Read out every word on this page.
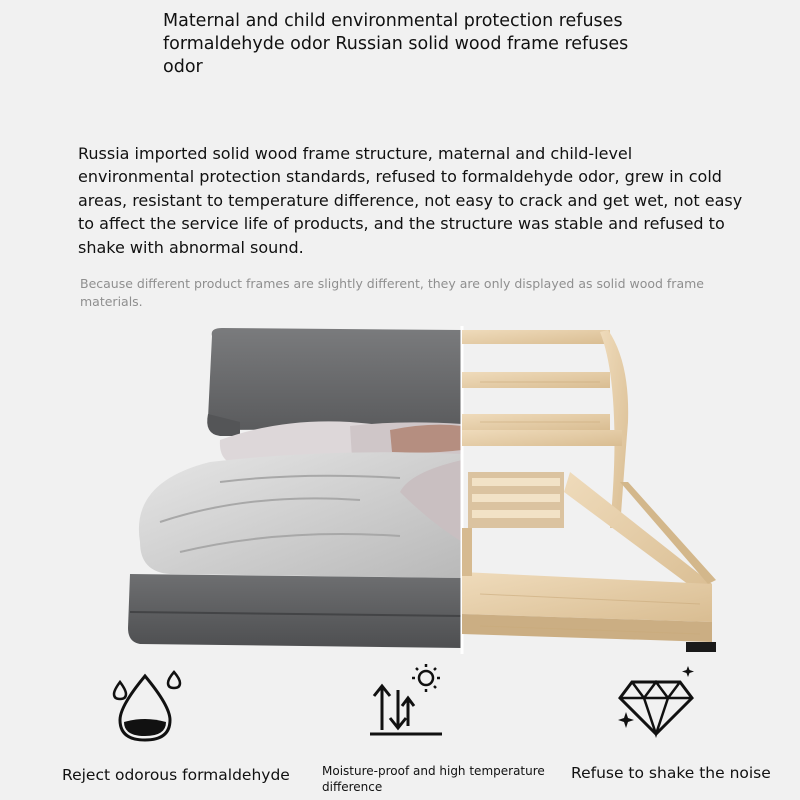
Maternal and child environmental protection refuses formaldehyde odor Russian solid wood frame refuses odor

Russia imported solid wood frame structure, maternal and child-level environmental protection standards, refused to formaldehyde odor, grew in cold areas, resistant to temperature difference, not easy to crack and get wet, not easy to affect the service life of products, and the structure was stable and refused to shake with abnormal sound.

Because different product frames are slightly different, they are only displayed as solid wood frame materials.

Reject odorous formaldehyde	Moisture-proof and high temperature difference

Refuse to shake the noise
